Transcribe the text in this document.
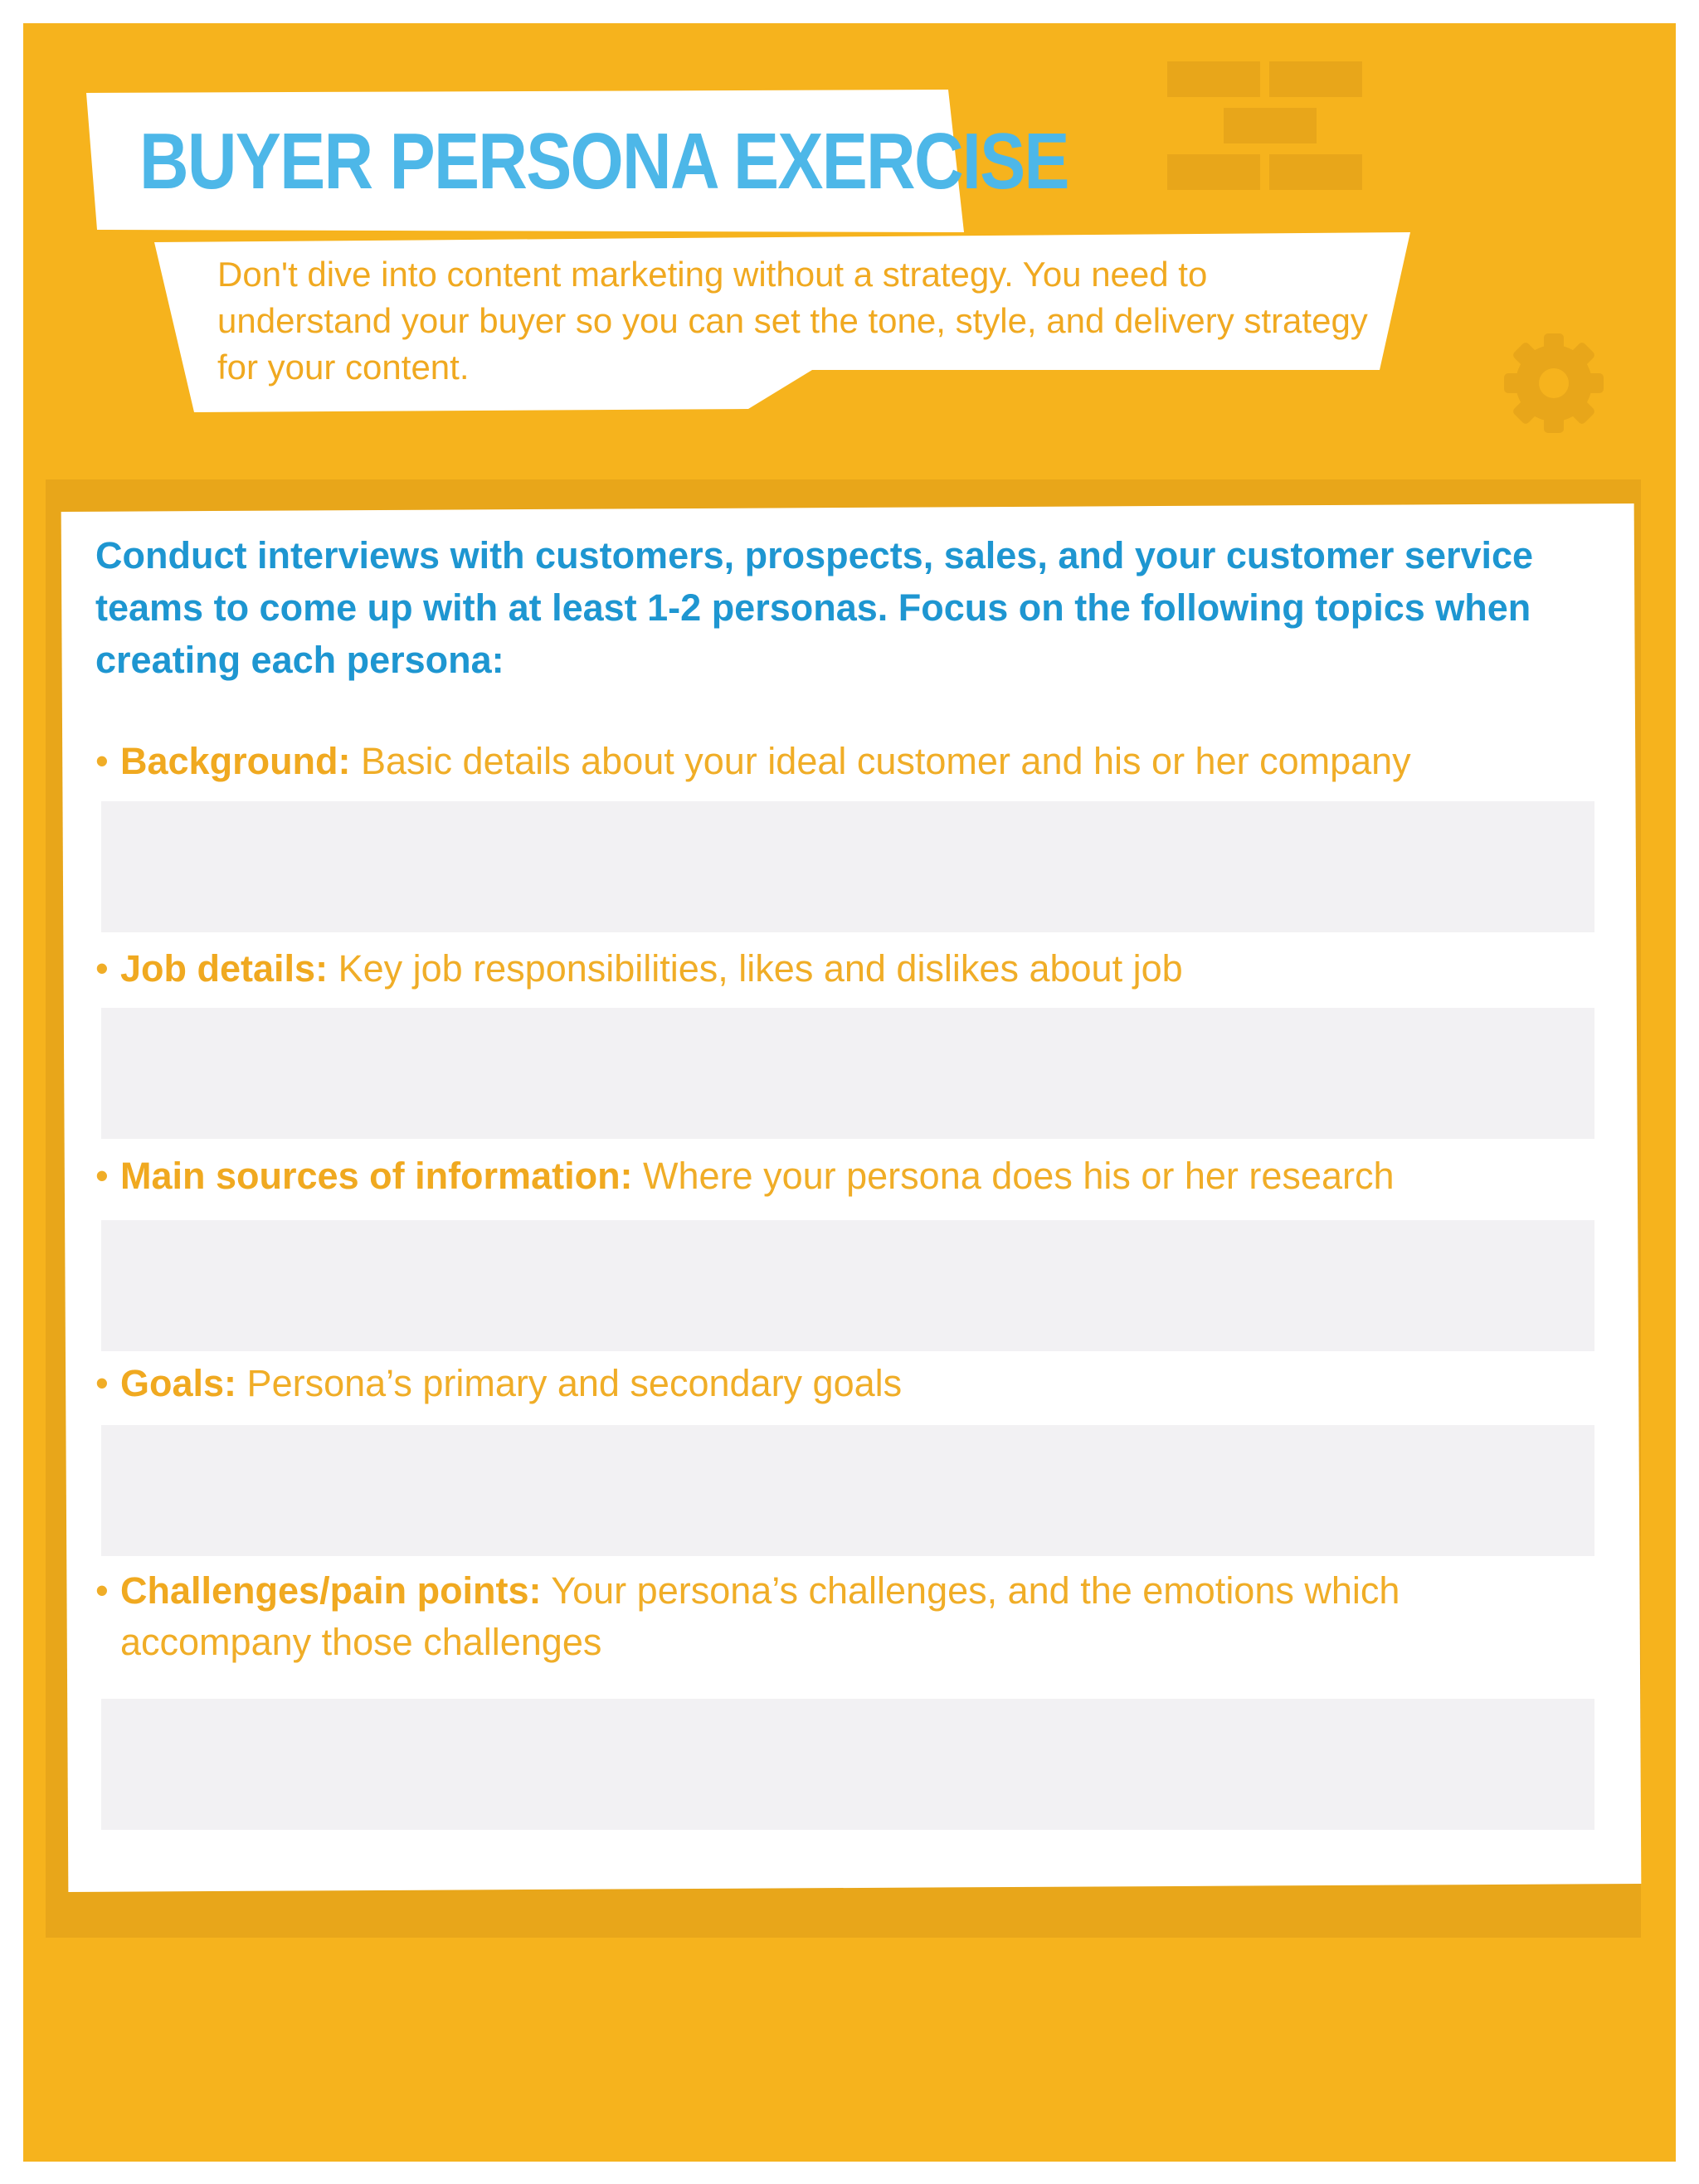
BUYER PERSONA EXERCISE

Don't dive into content marketing without a strategy. You need to understand your buyer so you can set the tone, style, and delivery strategy for your content.

Conduct interviews with customers, prospects, sales, and your customer service teams to come up with at least 1-2 personas. Focus on the following topics when creating each persona:

• Background: Basic details about your ideal customer and his or her company

• Job details: Key job responsibilities, likes and dislikes about job

• Main sources of information: Where your persona does his or her research

• Goals: Persona’s primary and secondary goals

• Challenges/pain points: Your persona’s challenges, and the emotions which
accompany those challenges
